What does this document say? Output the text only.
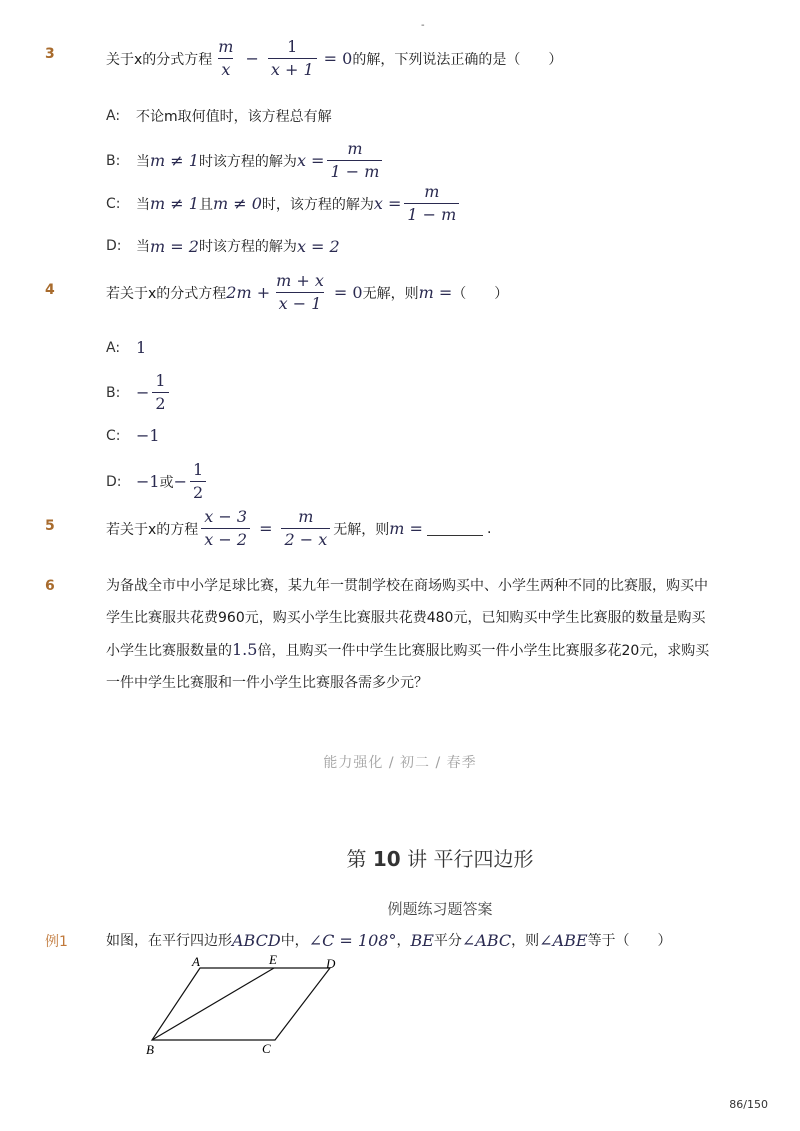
-
3	关于x的分式方程 $\frac{m}{x} - \frac{1}{x + 1} = 0$ 的解，下列说法正确的是（　　）
A:	不论m取何值时，该方程总有解
B:	当 m ≠ 1 时该方程的解为 $x = \frac{m}{1 - m}$
C:	当 m ≠ 1 且 m ≠ 0 时，该方程的解为 $x = \frac{m}{1 - m}$
D:	当 m = 2 时该方程的解为 x = 2
4	若关于x的分式方程 $2m + \frac{m + x}{x - 1} = 0$ 无解，则 m = （　　）
A: 1
B: − $\frac{1}{2}$
C: −1
D: −1 或 − $\frac{1}{2}$
5	若关于x的方程 $\frac{x - 3}{x - 2} = \frac{m}{2 - x}$ 无解，则 m =	.
6	为备战全市中小学足球比赛，某九年一贯制学校在商场购买中、小学生两种不同的比赛服，购买中学生比赛服共花费960元，购买小学生比赛服共花费480元，已知购买中学生比赛服的数量是购买小学生比赛服数量的1.5倍，且购买一件中学生比赛服比购买一件小学生比赛服多花20元，求购买一件中学生比赛服和一件小学生比赛服各需多少元？
能力强化 / 初二 / 春季
第 10 讲 平行四边形
例题练习题答案
例1	如图，在平行四边形 ABCD 中， ∠C = 108° ， BE 平分 ∠ABC ，则 ∠ABE 等于（　　）
A	E	D
B	C
86/150
